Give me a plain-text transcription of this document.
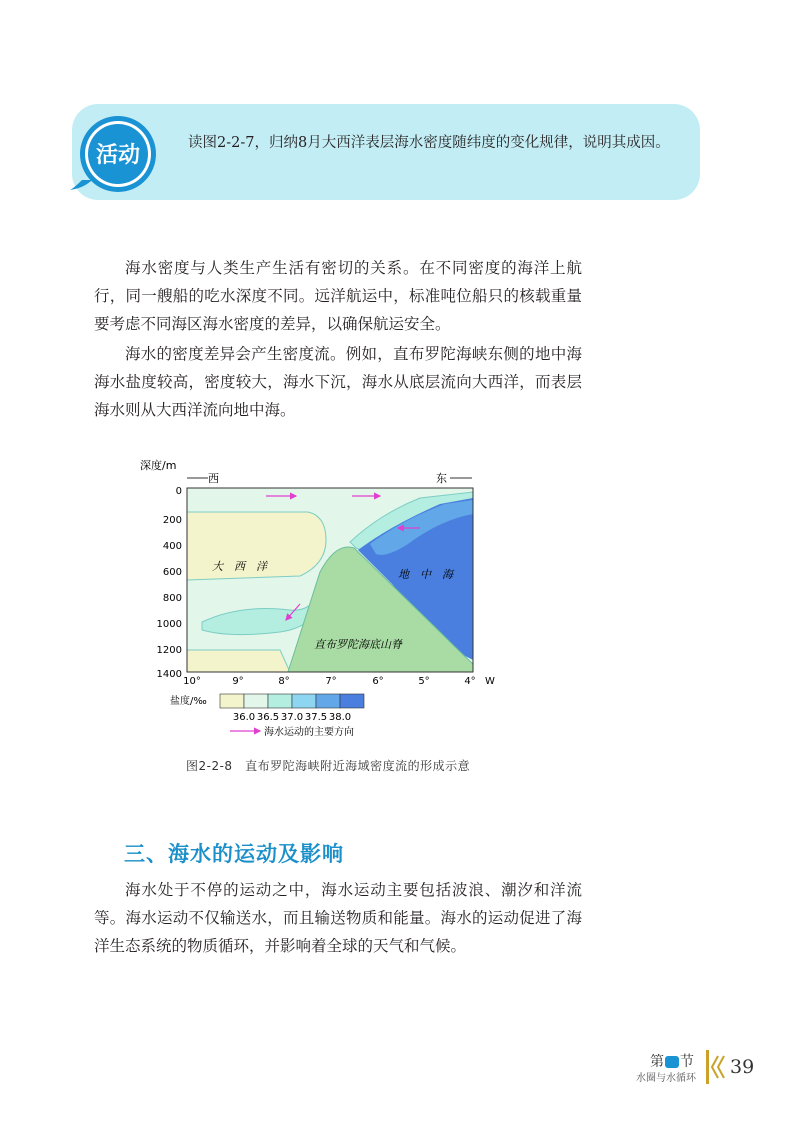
活动	读图2-2-7，归纳8月大西洋表层海水密度随纬度的变化规律，说明其成因。
海水密度与人类生产生活有密切的关系。在不同密度的海洋上航行，同一艘船的吃水深度不同。远洋航运中，标准吨位船只的核载重量要考虑不同海区海水密度的差异，以确保航运安全。
海水的密度差异会产生密度流。例如，直布罗陀海峡东侧的地中海海水盐度较高，密度较大，海水下沉，海水从底层流向大西洋，而表层海水则从大西洋流向地中海。
深度/m
西	东
大　西　洋
地　中　海
直布罗陀海底山脊
0
200
400
600
800
1000
1200
1400
10°	9°	8°	7°	6°	5°	4° W
盐度/‰
36.0 36.5 37.0 37.5 38.0
海水运动的主要方向
图2-2-8　直布罗陀海峡附近海域密度流的形成示意
三、海水的运动及影响
海水处于不停的运动之中，海水运动主要包括波浪、潮汐和洋流等。海水运动不仅输送水，而且输送物质和能量。海水的运动促进了海洋生态系统的物质循环，并影响着全球的天气和气候。
第 一 节
水圈与水循环
39
